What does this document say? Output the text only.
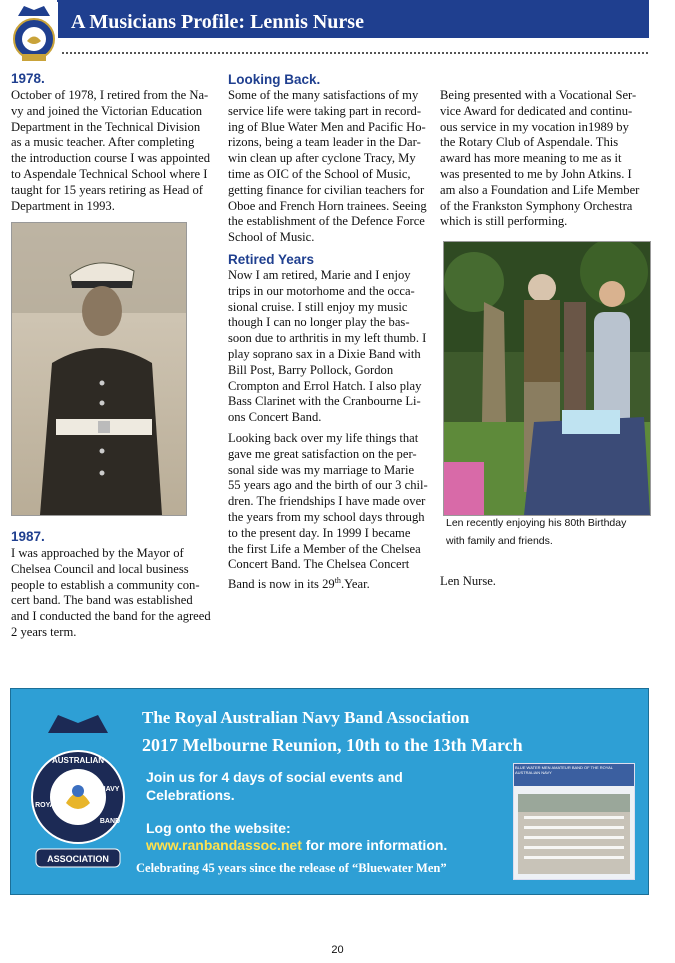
A Musicians Profile: Lennis Nurse
1978.
October of 1978, I retired from the Na-
vy and joined the Victorian Education
Department in the Technical Division
as a music teacher. After completing
the introduction course I was appointed
to Aspendale Technical School where I
taught for 15 years retiring as Head of
Department in 1993.
1987.
I was approached by the Mayor of
Chelsea Council and local business
people to establish a community con-
cert band. The band was established
and I conducted the band for the agreed
2 years term.
Looking Back.
Some of the many satisfactions of my
service life were taking part in record-
ing of Blue Water Men and Pacific Ho-
rizons, being a team leader in the Dar-
win clean up after cyclone Tracy, My
time as OIC of the School of Music,
getting finance for civilian teachers for
Oboe and French Horn trainees. Seeing
the establishment of the Defence Force
School of Music.
Retired Years
Now I am retired, Marie and I enjoy
trips in our motorhome and the occa-
sional cruise. I still enjoy my music
though I can no longer play the bas-
soon due to arthritis in my left thumb. I
play soprano sax in a Dixie Band with
Bill Post, Barry Pollock, Gordon
Crompton and Errol Hatch. I also play
Bass Clarinet with the Cranbourne Li-
ons Concert Band.
Looking back over my life things that
gave me great satisfaction on the per-
sonal side was my marriage to Marie
55 years ago and the birth of our 3 chil-
dren. The friendships I have made over
the years from my school days through
to the present day. In 1999 I became
the first Life a Member of the Chelsea
Concert Band. The Chelsea Concert
Band is now in its 29th.Year.
Being presented with a Vocational Ser-
vice Award for dedicated and continu-
ous service in my vocation in1989 by
the Rotary Club of Aspendale. This
award has more meaning to me as it
was presented to me by John Atkins. I
am also a Foundation and Life Member
of the Frankston Symphony Orchestra
which is still performing.
Len recently enjoying his 80th Birthday
with family and friends.
Len Nurse.
ASSOCIATION
AUSTRALIAN
ROYAL
NAVY
BAND
The Royal Australian Navy Band Association
2017 Melbourne Reunion, 10th to the 13th March
Join us for 4 days of social events and
Celebrations.
Log onto the website:
www.ranbandassoc.net for more information.
Celebrating 45 years since the release of “Bluewater Men”
BLUE WATER MEN AMATEUR BAND OF THE ROYAL AUSTRALIAN NAVY
20
